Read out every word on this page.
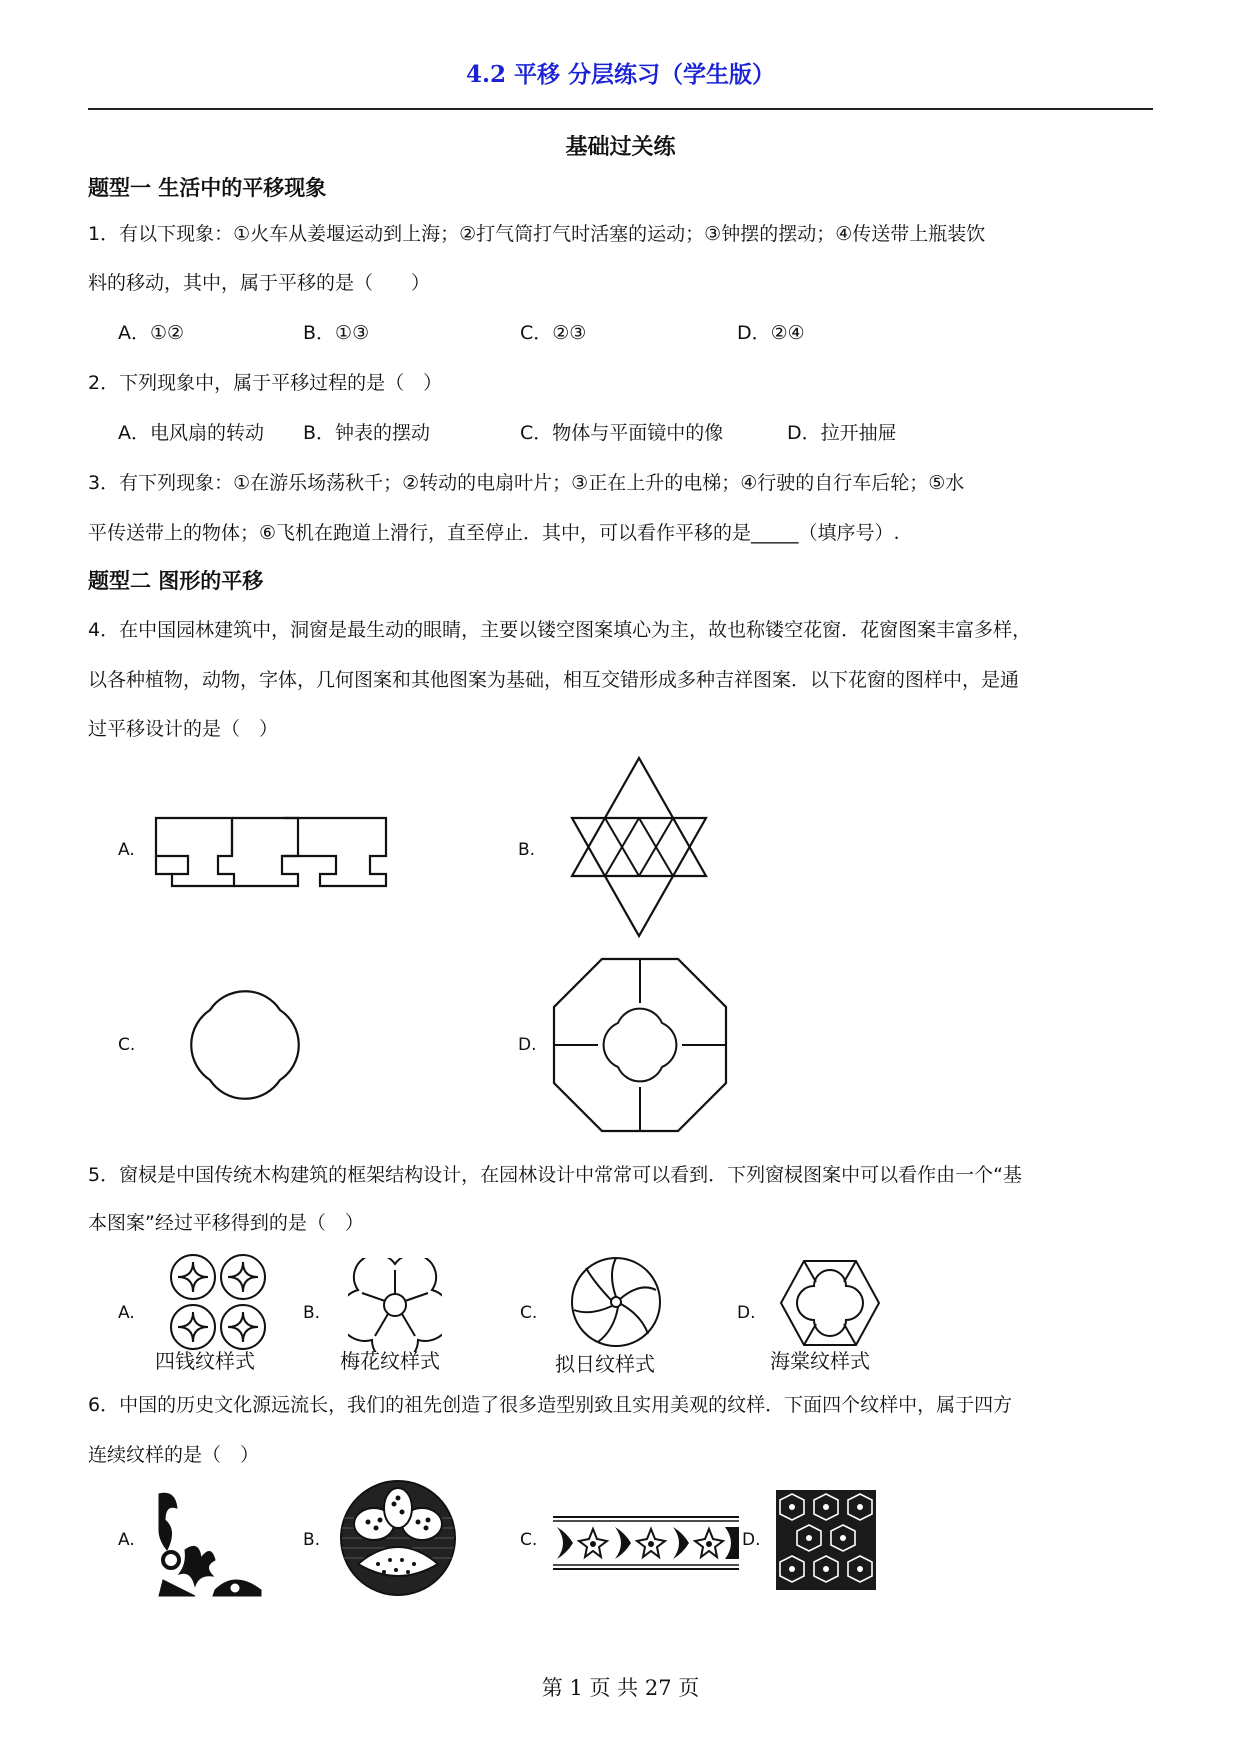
4.2 平移 分层练习（学生版）
基础过关练
题型一 生活中的平移现象
1．有以下现象：①火车从姜堰运动到上海；②打气筒打气时活塞的运动；③钟摆的摆动；④传送带上瓶装饮
料的移动，其中，属于平移的是（　　）
A．①②	B．①③	C．②③	D．②④
2．下列现象中，属于平移过程的是（　）
A．电风扇的转动 B．钟表的摆动	C．物体与平面镜中的像	D．拉开抽屉
3．有下列现象：①在游乐场荡秋千；②转动的电扇叶片；③正在上升的电梯；④行驶的自行车后轮；⑤水
平传送带上的物体；⑥飞机在跑道上滑行，直至停止．其中，可以看作平移的是_____（填序号）.
题型二 图形的平移
4．在中国园林建筑中，洞窗是最生动的眼睛，主要以镂空图案填心为主，故也称镂空花窗．花窗图案丰富多样，
以各种植物，动物，字体，几何图案和其他图案为基础，相互交错形成多种吉祥图案．以下花窗的图样中，是通
过平移设计的是（　）
A.	B.
C.	D.
5．窗棂是中国传统木构建筑的框架结构设计，在园林设计中常常可以看到．下列窗棂图案中可以看作由一个“基
本图案”经过平移得到的是（　）
A.
四钱纹样式
B.
梅花纹样式
C.
拟日纹样式
D.
海棠纹样式
6．中国的历史文化源远流长，我们的祖先创造了很多造型别致且实用美观的纹样．下面四个纹样中，属于四方
连续纹样的是（　）
A.	B.	C.	D.
第 1 页 共 27 页
